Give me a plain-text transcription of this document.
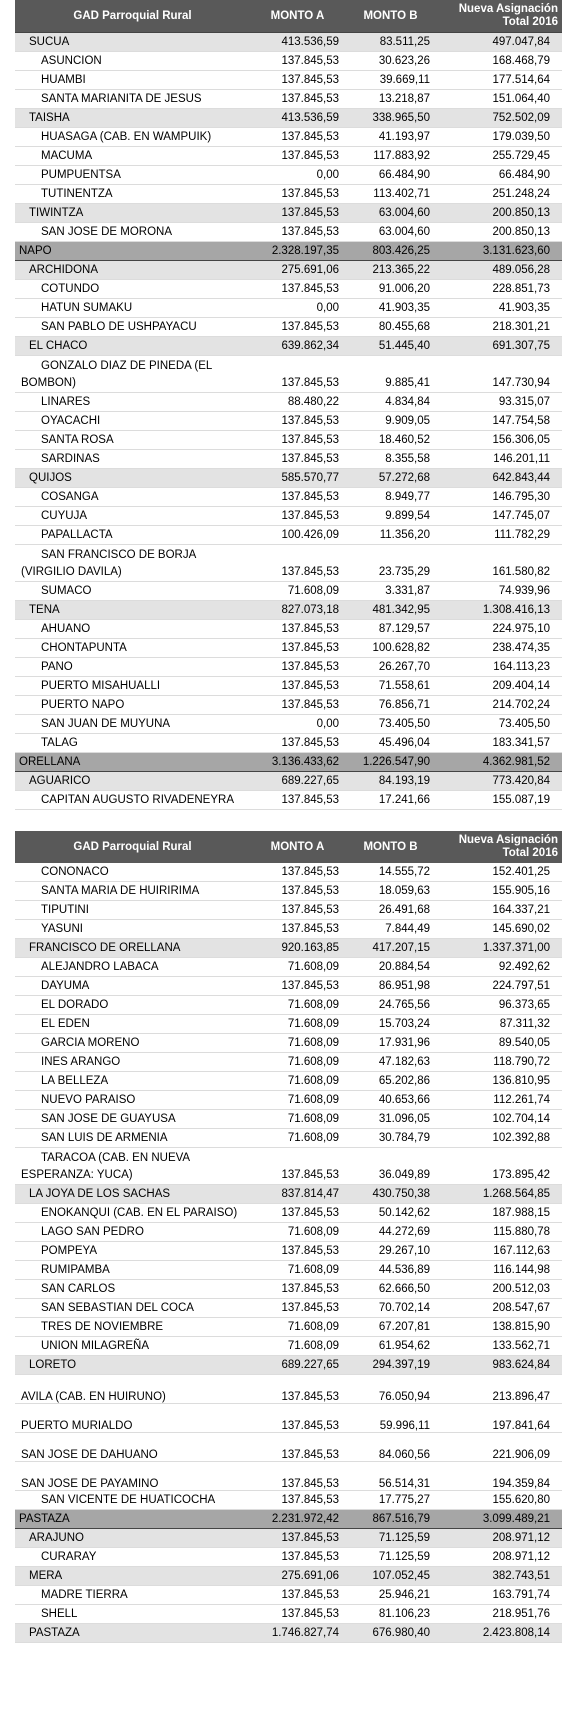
GAD Parroquial Rural	MONTO A	MONTO B	Nueva Asignación Total 2016
SUCUA	413.536,59	83.511,25	497.047,84
ASUNCION	137.845,53	30.623,26	168.468,79
HUAMBI	137.845,53	39.669,11	177.514,64
SANTA MARIANITA DE JESUS	137.845,53	13.218,87	151.064,40
TAISHA	413.536,59	338.965,50	752.502,09
HUASAGA (CAB. EN WAMPUIK)	137.845,53	41.193,97	179.039,50
MACUMA	137.845,53	117.883,92	255.729,45
PUMPUENTSA	0,00	66.484,90	66.484,90
TUTINENTZA	137.845,53	113.402,71	251.248,24
TIWINTZA	137.845,53	63.004,60	200.850,13
SAN JOSE DE MORONA	137.845,53	63.004,60	200.850,13
NAPO	2.328.197,35	803.426,25	3.131.623,60
ARCHIDONA	275.691,06	213.365,22	489.056,28
COTUNDO	137.845,53	91.006,20	228.851,73
HATUN SUMAKU	0,00	41.903,35	41.903,35
SAN PABLO DE USHPAYACU	137.845,53	80.455,68	218.301,21
EL CHACO	639.862,34	51.445,40	691.307,75
GONZALO DIAZ DE PINEDA (EL BOMBON)	137.845,53	9.885,41	147.730,94
LINARES	88.480,22	4.834,84	93.315,07
OYACACHI	137.845,53	9.909,05	147.754,58
SANTA ROSA	137.845,53	18.460,52	156.306,05
SARDINAS	137.845,53	8.355,58	146.201,11
QUIJOS	585.570,77	57.272,68	642.843,44
COSANGA	137.845,53	8.949,77	146.795,30
CUYUJA	137.845,53	9.899,54	147.745,07
PAPALLACTA	100.426,09	11.356,20	111.782,29
SAN FRANCISCO DE BORJA (VIRGILIO DAVILA)	137.845,53	23.735,29	161.580,82
SUMACO	71.608,09	3.331,87	74.939,96
TENA	827.073,18	481.342,95	1.308.416,13
AHUANO	137.845,53	87.129,57	224.975,10
CHONTAPUNTA	137.845,53	100.628,82	238.474,35
PANO	137.845,53	26.267,70	164.113,23
PUERTO MISAHUALLI	137.845,53	71.558,61	209.404,14
PUERTO NAPO	137.845,53	76.856,71	214.702,24
SAN JUAN DE MUYUNA	0,00	73.405,50	73.405,50
TALAG	137.845,53	45.496,04	183.341,57
ORELLANA	3.136.433,62	1.226.547,90	4.362.981,52
AGUARICO	689.227,65	84.193,19	773.420,84
CAPITAN AUGUSTO RIVADENEYRA	137.845,53	17.241,66	155.087,19
GAD Parroquial Rural	MONTO A	MONTO B	Nueva Asignación Total 2016
CONONACO	137.845,53	14.555,72	152.401,25
SANTA MARIA DE HUIRIRIMA	137.845,53	18.059,63	155.905,16
TIPUTINI	137.845,53	26.491,68	164.337,21
YASUNI	137.845,53	7.844,49	145.690,02
FRANCISCO DE ORELLANA	920.163,85	417.207,15	1.337.371,00
ALEJANDRO LABACA	71.608,09	20.884,54	92.492,62
DAYUMA	137.845,53	86.951,98	224.797,51
EL DORADO	71.608,09	24.765,56	96.373,65
EL EDEN	71.608,09	15.703,24	87.311,32
GARCIA MORENO	71.608,09	17.931,96	89.540,05
INES ARANGO	71.608,09	47.182,63	118.790,72
LA BELLEZA	71.608,09	65.202,86	136.810,95
NUEVO PARAISO	71.608,09	40.653,66	112.261,74
SAN JOSE DE GUAYUSA	71.608,09	31.096,05	102.704,14
SAN LUIS DE ARMENIA	71.608,09	30.784,79	102.392,88
TARACOA (CAB. EN NUEVA ESPERANZA: YUCA)	137.845,53	36.049,89	173.895,42
LA JOYA DE LOS SACHAS	837.814,47	430.750,38	1.268.564,85
ENOKANQUI (CAB. EN EL PARAISO)	137.845,53	50.142,62	187.988,15
LAGO SAN PEDRO	71.608,09	44.272,69	115.880,78
POMPEYA	137.845,53	29.267,10	167.112,63
RUMIPAMBA	71.608,09	44.536,89	116.144,98
SAN CARLOS	137.845,53	62.666,50	200.512,03
SAN SEBASTIAN DEL COCA	137.845,53	70.702,14	208.547,67
TRES DE NOVIEMBRE	71.608,09	67.207,81	138.815,90
UNION MILAGREÑA	71.608,09	61.954,62	133.562,71
LORETO	689.227,65	294.397,19	983.624,84
AVILA (CAB. EN HUIRUNO)	137.845,53	76.050,94	213.896,47
PUERTO MURIALDO	137.845,53	59.996,11	197.841,64
SAN JOSE DE DAHUANO	137.845,53	84.060,56	221.906,09
SAN JOSE DE PAYAMINO	137.845,53	56.514,31	194.359,84
SAN VICENTE DE HUATICOCHA	137.845,53	17.775,27	155.620,80
PASTAZA	2.231.972,42	867.516,79	3.099.489,21
ARAJUNO	137.845,53	71.125,59	208.971,12
CURARAY	137.845,53	71.125,59	208.971,12
MERA	275.691,06	107.052,45	382.743,51
MADRE TIERRA	137.845,53	25.946,21	163.791,74
SHELL	137.845,53	81.106,23	218.951,76
PASTAZA	1.746.827,74	676.980,40	2.423.808,14
